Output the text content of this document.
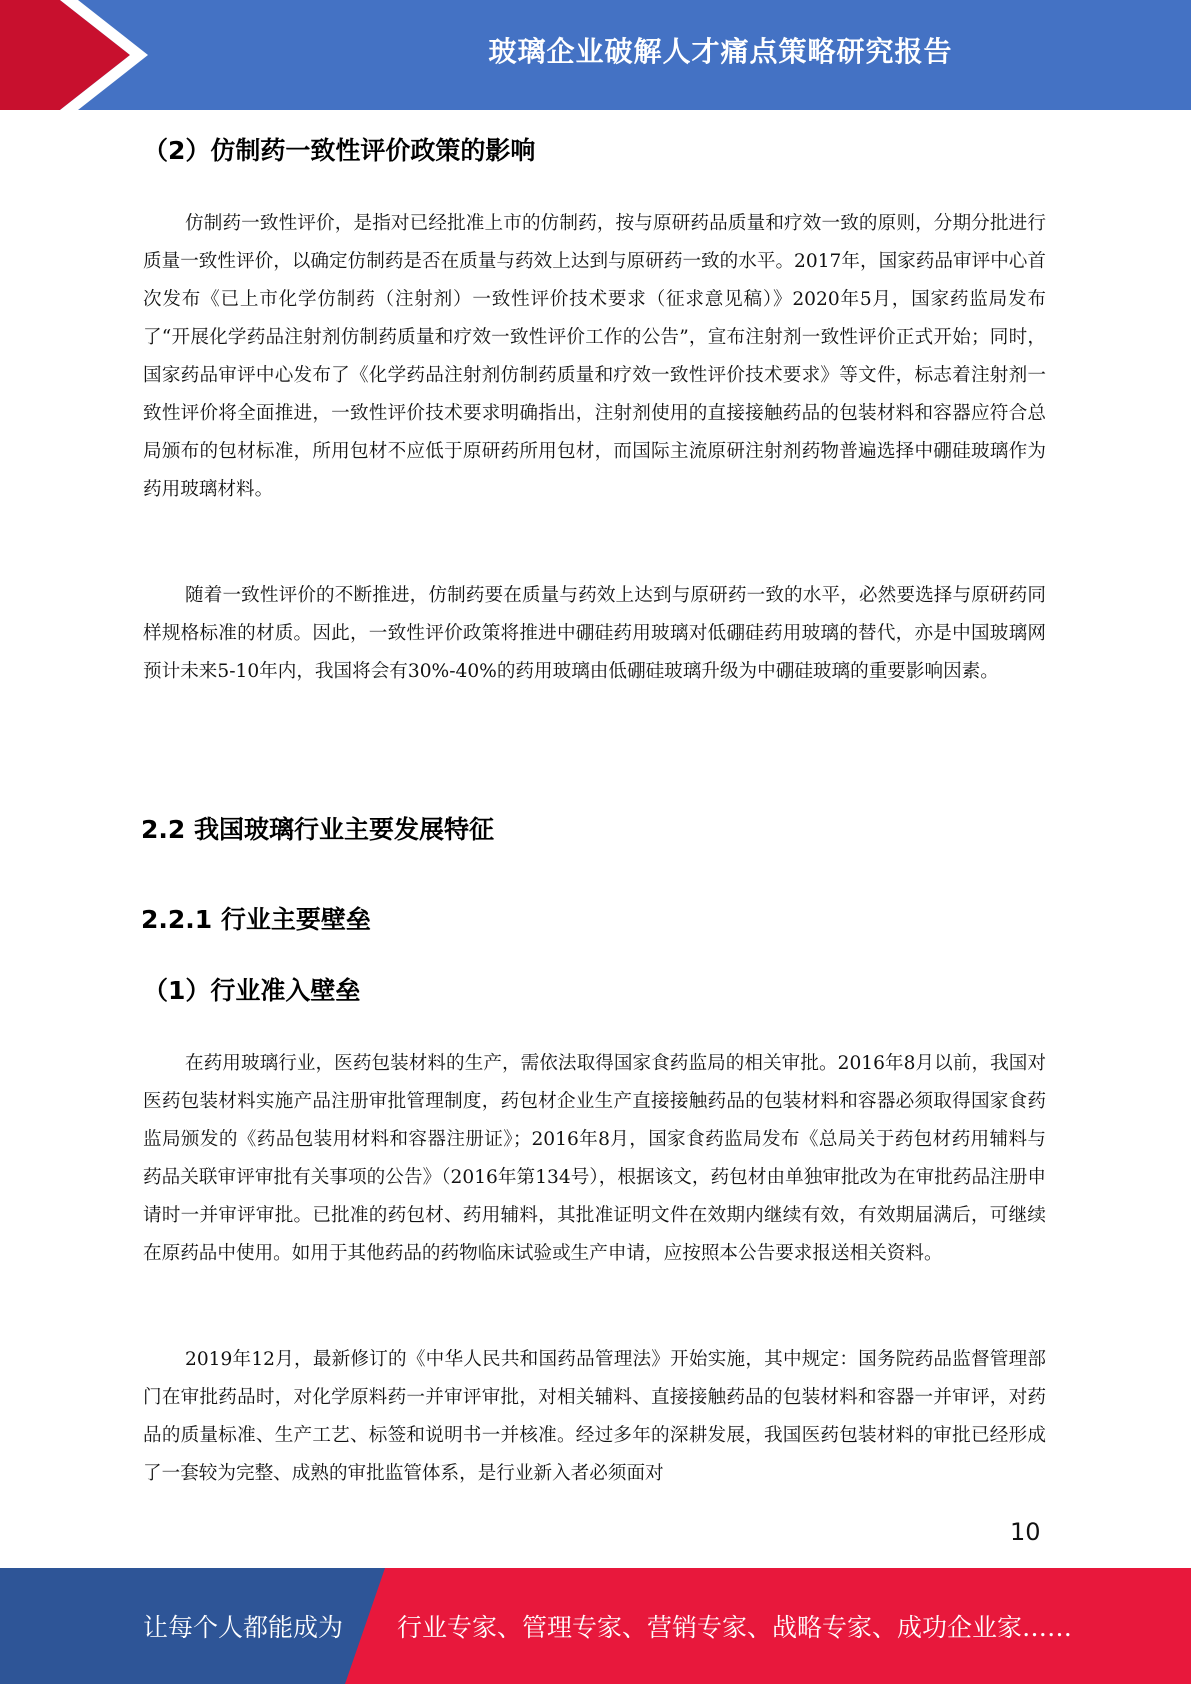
玻璃企业破解人才痛点策略研究报告
（2）仿制药一致性评价政策的影响

仿制药一致性评价，是指对已经批准上市的仿制药，按与原研药品质量和疗效一致的原则，分期分批进行质量一致性评价，以确定仿制药是否在质量与药效上达到与原研药一致的水平。2017年，国家药品审评中心首次发布《已上市化学仿制药（注射剂）一致性评价技术要求（征求意见稿）》2020年5月，国家药监局发布了“开展化学药品注射剂仿制药质量和疗效一致性评价工作的公告”，宣布注射剂一致性评价正式开始；同时，国家药品审评中心发布了《化学药品注射剂仿制药质量和疗效一致性评价技术要求》等文件，标志着注射剂一致性评价将全面推进，一致性评价技术要求明确指出，注射剂使用的直接接触药品的包装材料和容器应符合总局颁布的包材标准，所用包材不应低于原研药所用包材，而国际主流原研注射剂药物普遍选择中硼硅玻璃作为药用玻璃材料。

随着一致性评价的不断推进，仿制药要在质量与药效上达到与原研药一致的水平，必然要选择与原研药同样规格标准的材质。因此，一致性评价政策将推进中硼硅药用玻璃对低硼硅药用玻璃的替代，亦是中国玻璃网预计未来5-10年内，我国将会有30%-40%的药用玻璃由低硼硅玻璃升级为中硼硅玻璃的重要影响因素。

2.2 我国玻璃行业主要发展特征
2.2.1 行业主要壁垒
（1）行业准入壁垒

在药用玻璃行业，医药包装材料的生产，需依法取得国家食药监局的相关审批。2016年8月以前，我国对医药包装材料实施产品注册审批管理制度，药包材企业生产直接接触药品的包装材料和容器必须取得国家食药监局颁发的《药品包装用材料和容器注册证》；2016年8月，国家食药监局发布《总局关于药包材药用辅料与药品关联审评审批有关事项的公告》（2016年第134号），根据该文，药包材由单独审批改为在审批药品注册申请时一并审评审批。已批准的药包材、药用辅料，其批准证明文件在效期内继续有效，有效期届满后，可继续在原药品中使用。如用于其他药品的药物临床试验或生产申请，应按照本公告要求报送相关资料。

2019年12月，最新修订的《中华人民共和国药品管理法》开始实施，其中规定：国务院药品监督管理部门在审批药品时，对化学原料药一并审评审批，对相关辅料、直接接触药品的包装材料和容器一并审评，对药品的质量标准、生产工艺、标签和说明书一并核准。经过多年的深耕发展，我国医药包装材料的审批已经形成了一套较为完整、成熟的审批监管体系，是行业新入者必须面对

10
让每个人都能成为 行业专家、管理专家、营销专家、战略专家、成功企业家……
